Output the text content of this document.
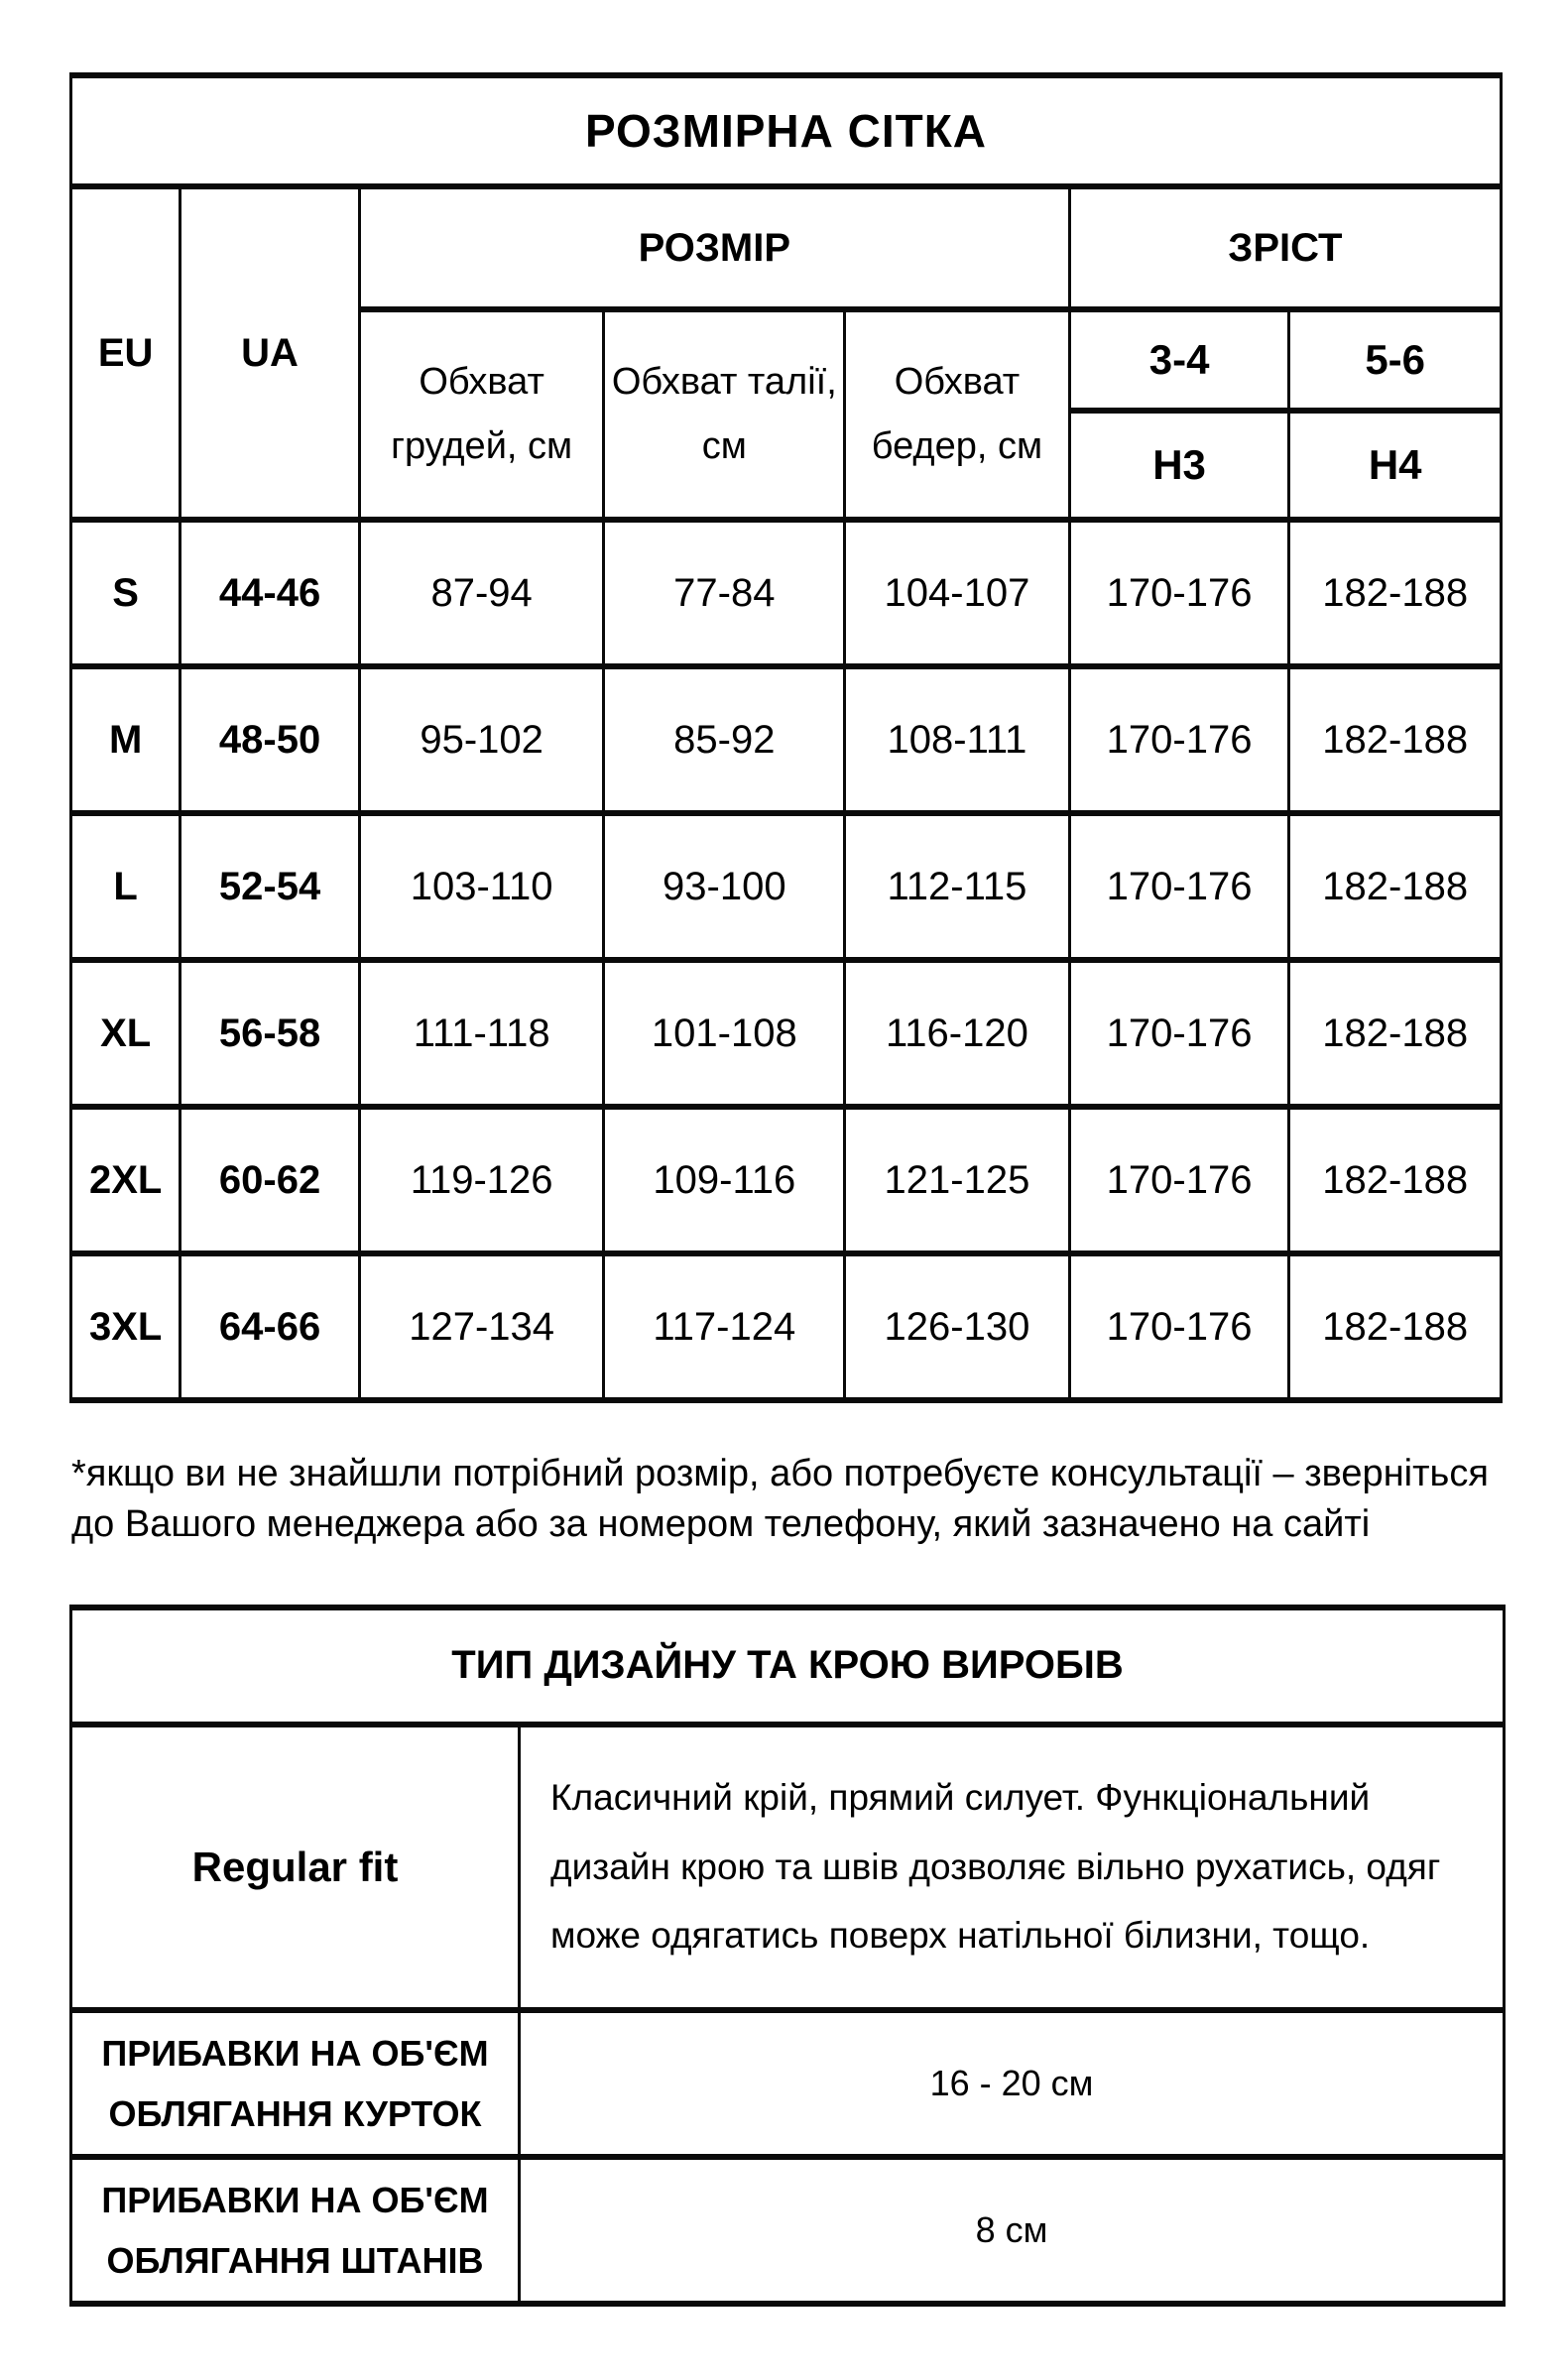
РОЗМІРНА СІТКА						
EU	UA	РОЗМІР			ЗРІСТ	
		Обхват грудей, см	Обхват талії, см	Обхват бедер, см	3-4	5-6
					Н3	Н4
S	44-46	87-94	77-84	104-107	170-176	182-188
M	48-50	95-102	85-92	108-111	170-176	182-188
L	52-54	103-110	93-100	112-115	170-176	182-188
XL	56-58	111-118	101-108	116-120	170-176	182-188
2XL	60-62	119-126	109-116	121-125	170-176	182-188
3XL	64-66	127-134	117-124	126-130	170-176	182-188

*якщо ви не знайшли потрібний розмір, або потребуєте консультації – зверніться до Вашого менеджера або за номером телефону, який зазначено на сайті

ТИП ДИЗАЙНУ ТА КРОЮ ВИРОБІВ	
Regular fit	Класичний крій, прямий силует. Функціональний дизайн крою та швів дозволяє вільно рухатись, одяг може одягатись поверх натільної білизни, тощо.
ПРИБАВКИ НА ОБ'ЄМ ОБЛЯГАННЯ КУРТОК	16 - 20 см
ПРИБАВКИ НА ОБ'ЄМ ОБЛЯГАННЯ ШТАНІВ	8 см
